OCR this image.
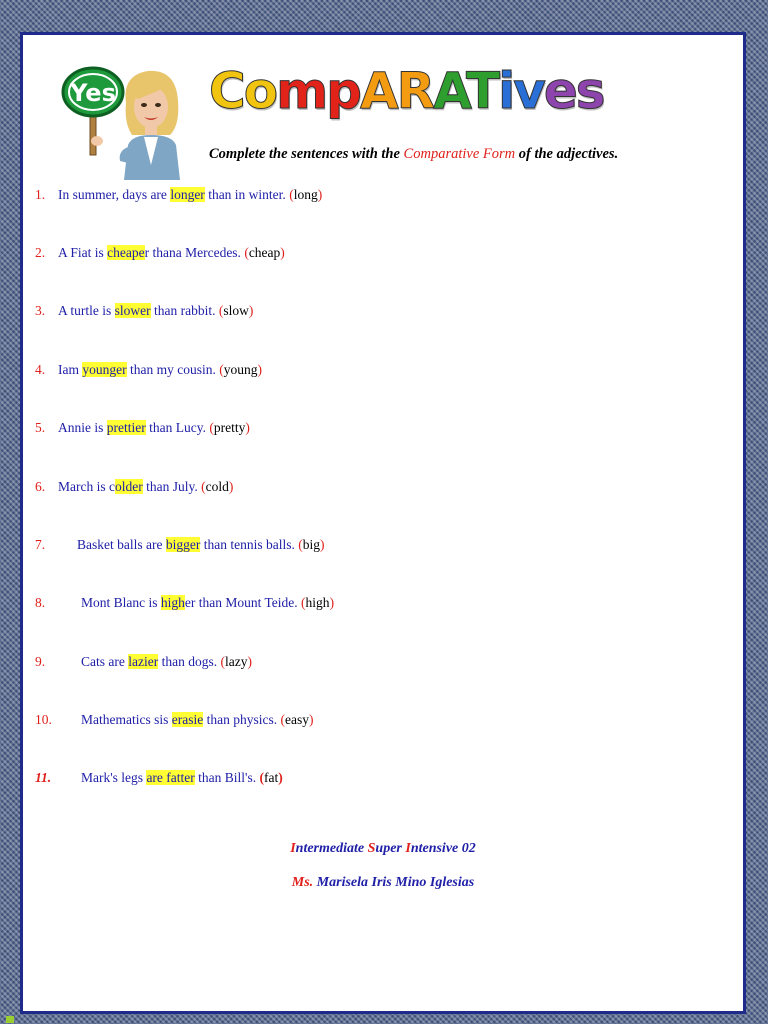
Yes CompARATives
Complete the sentences with the Comparative Form of the adjectives.
1. In summer, days are longer than in winter. (long)
2. A Fiat is cheaper thana Mercedes. (cheap)
3. A turtle is slower than rabbit. (slow)
4. Iam younger than my cousin. (young)
5. Annie is prettier than Lucy. (pretty)
6. March is colder than July. (cold)
7. Basket balls are bigger than tennis balls. (big)
8.	Mont Blanc is higher than Mount Teide. (high)
9.	Cats are lazier than dogs. (lazy)
10. Mathematics sis erasie than physics. (easy)
11. Mark's legs are fatter than Bill's. (fat)
Intermediate Super Intensive 02
Ms. Marisela Iris Mino Iglesias
